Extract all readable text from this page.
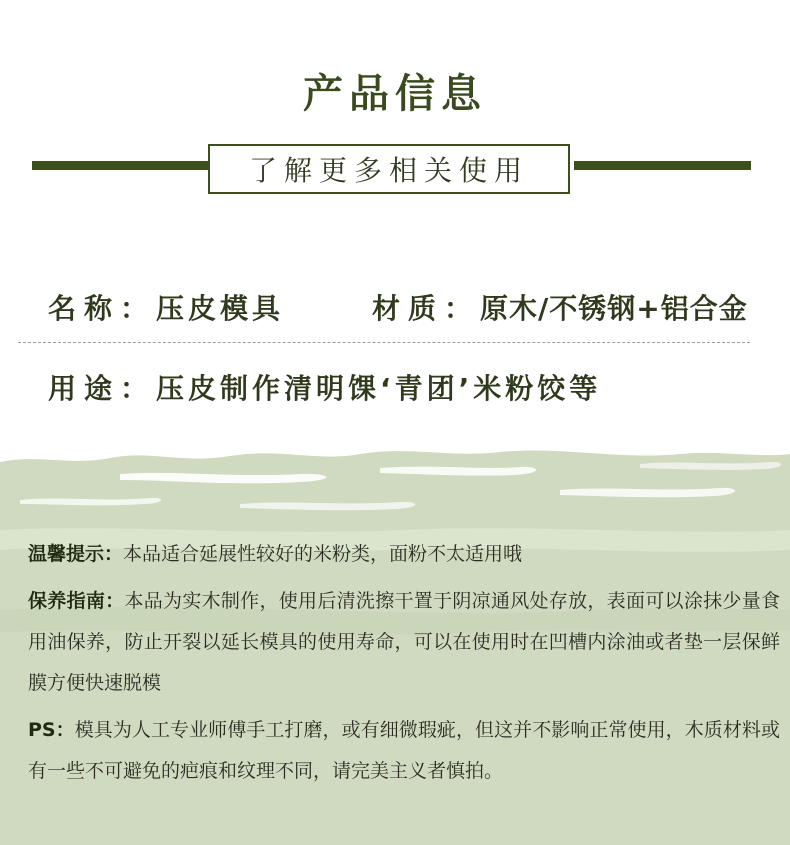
产品信息
了解更多相关使用
名称：压皮模具	材质：原木/不锈钢+铝合金
用途：压皮制作清明馃‘青团’米粉饺等

温馨提示：本品适合延展性较好的米粉类，面粉不太适用哦

保养指南：本品为实木制作，使用后清洗擦干置于阴凉通风处存放，表面可以涂抹少量食用油保养，防止开裂以延长模具的使用寿命，可以在使用时在凹槽内涂油或者垫一层保鲜膜方便快速脱模

PS：模具为人工专业师傅手工打磨，或有细微瑕疵，但这并不影响正常使用，木质材料或有一些不可避免的疤痕和纹理不同，请完美主义者慎拍。
